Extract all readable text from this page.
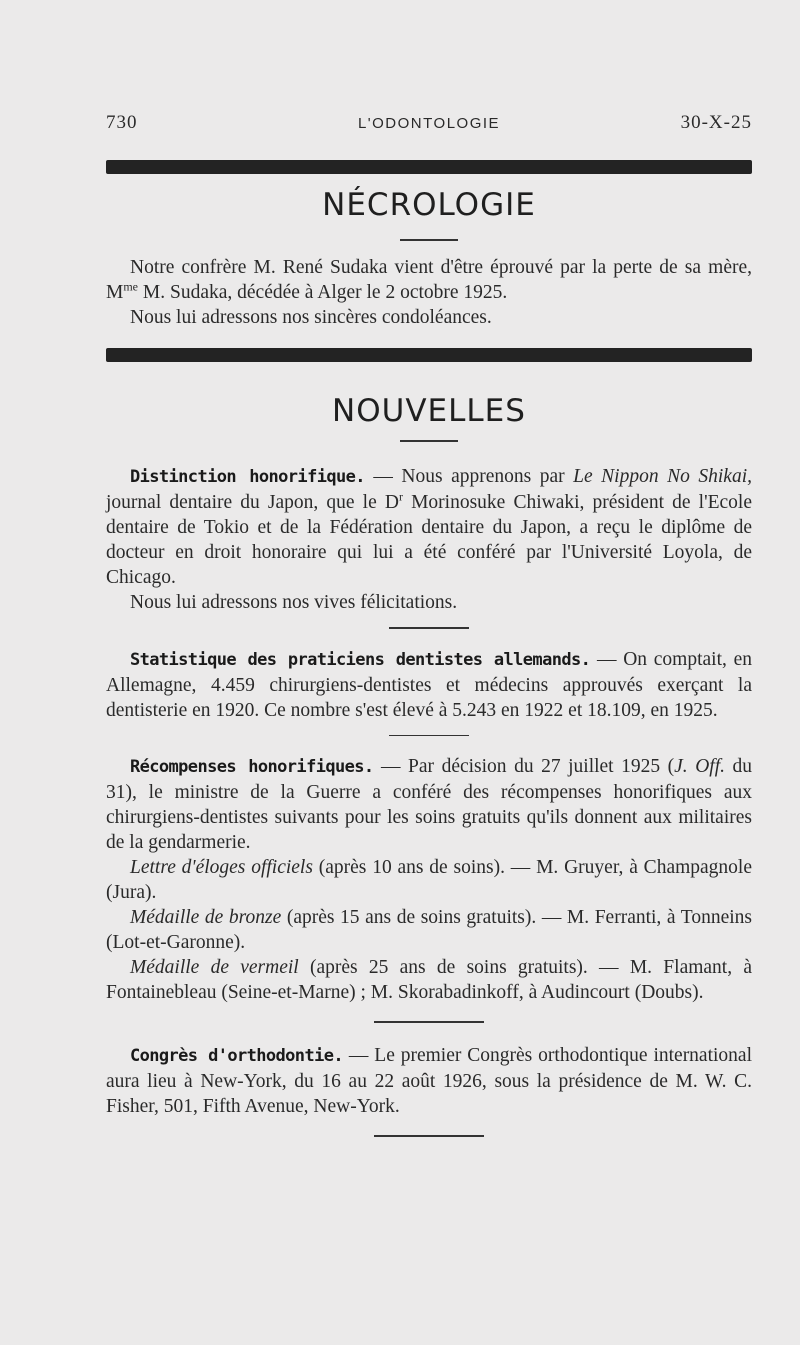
730	L'ODONTOLOGIE	30-X-25
NÉCROLOGIE

Notre confrère M. René Sudaka vient d'être éprouvé par la perte de sa mère, $M^{me}$ M. Sudaka, décédée à Alger le 2 octobre 1925.

Nous lui adressons nos sincères condoléances.

NOUVELLES

Distinction honorifique. — Nous apprenons par Le Nippon No Shikai, journal dentaire du Japon, que le $D^r$ Morinosuke Chiwaki, président de l'Ecole dentaire de Tokio et de la Fédération dentaire du Japon, a reçu le diplôme de docteur en droit honoraire qui lui a été conféré par l'Université Loyola, de Chicago.

Nous lui adressons nos vives félicitations.

Statistique des praticiens dentistes allemands. — On comptait, en Allemagne, 4.459 chirurgiens-dentistes et médecins approuvés exerçant la dentisterie en 1920. Ce nombre s'est élevé à 5.243 en 1922 et 18.109, en 1925.

Récompenses honorifiques. — Par décision du 27 juillet 1925 (J. Off. du 31), le ministre de la Guerre a conféré des récompenses honorifiques aux chirurgiens-dentistes suivants pour les soins gratuits qu'ils donnent aux militaires de la gendarmerie.

Lettre d'éloges officiels (après 10 ans de soins). — M. Gruyer, à Champagnole (Jura).

Médaille de bronze (après 15 ans de soins gratuits). — M. Ferranti, à Tonneins (Lot-et-Garonne).

Médaille de vermeil (après 25 ans de soins gratuits). — M. Flamant, à Fontainebleau (Seine-et-Marne) ; M. Skorabadinkoff, à Audincourt (Doubs).

Congrès d'orthodontie. — Le premier Congrès orthodontique international aura lieu à New-York, du 16 au 22 août 1926, sous la présidence de M. W. C. Fisher, 501, Fifth Avenue, New-York.
